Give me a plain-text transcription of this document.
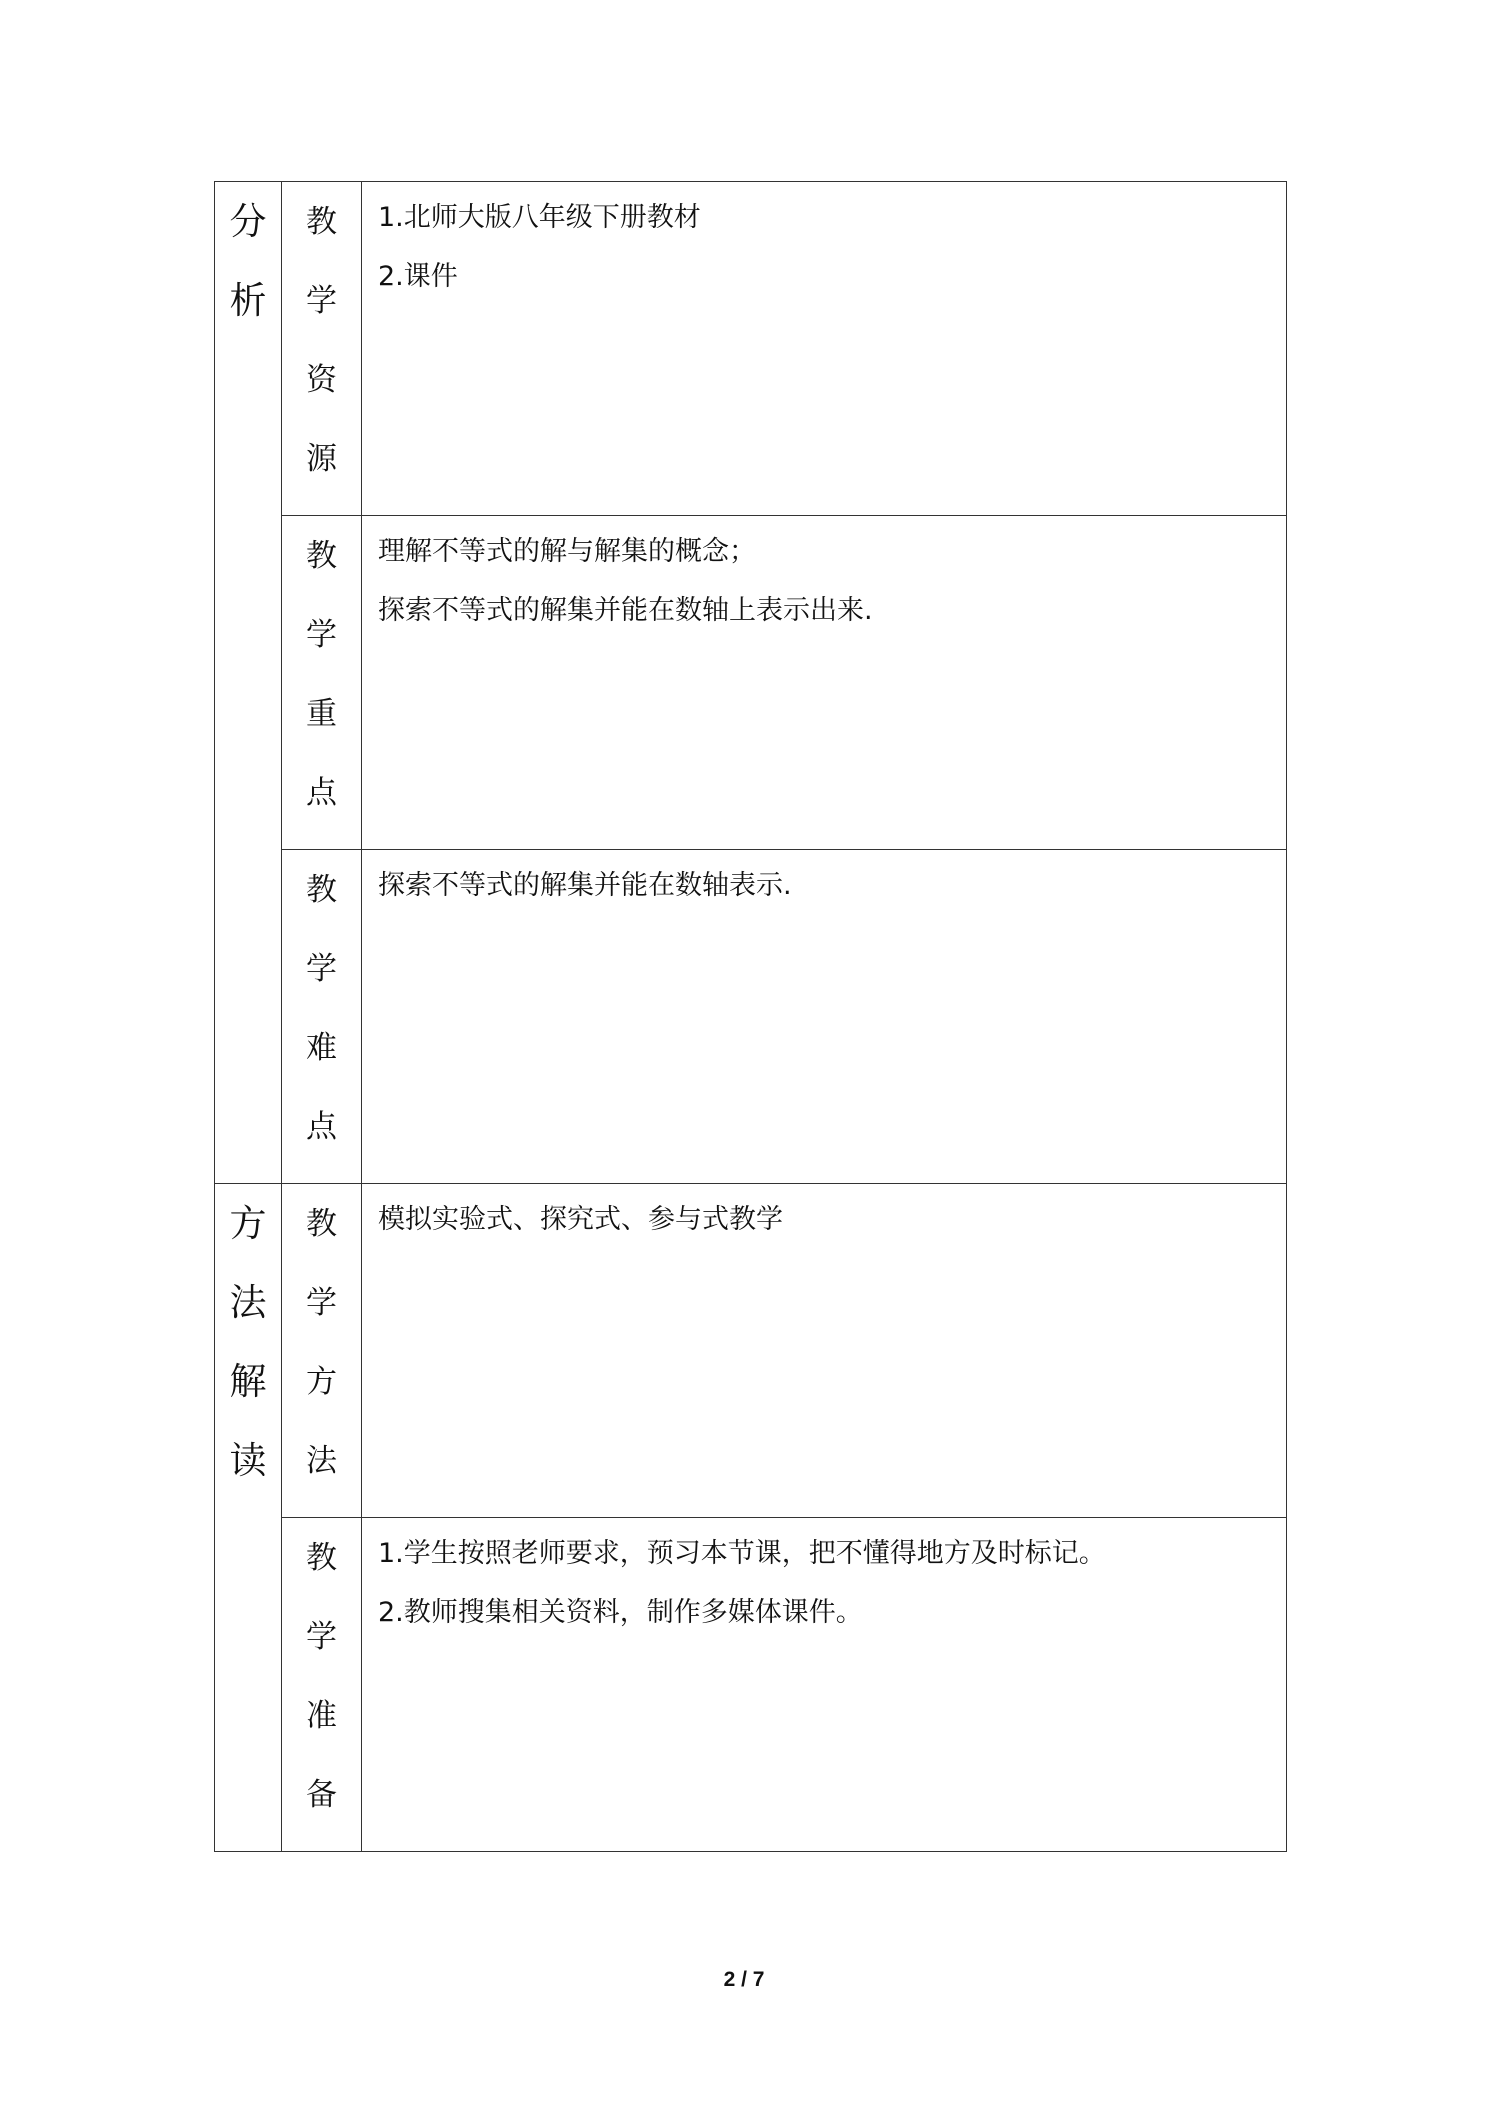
分
析	教
学
资
源	1.北师大版八年级下册教材
2.课件

	教
学
重
点	理解不等式的解与解集的概念；
探索不等式的解集并能在数轴上表示出来.

	教
学
难
点	探索不等式的解集并能在数轴表示.

方
法
解
读	教
学
方
法	模拟实验式、探究式、参与式教学

	教
学
准
备	1.学生按照老师要求，预习本节课，把不懂得地方及时标记。
2.教师搜集相关资料，制作多媒体课件。
2 / 7
